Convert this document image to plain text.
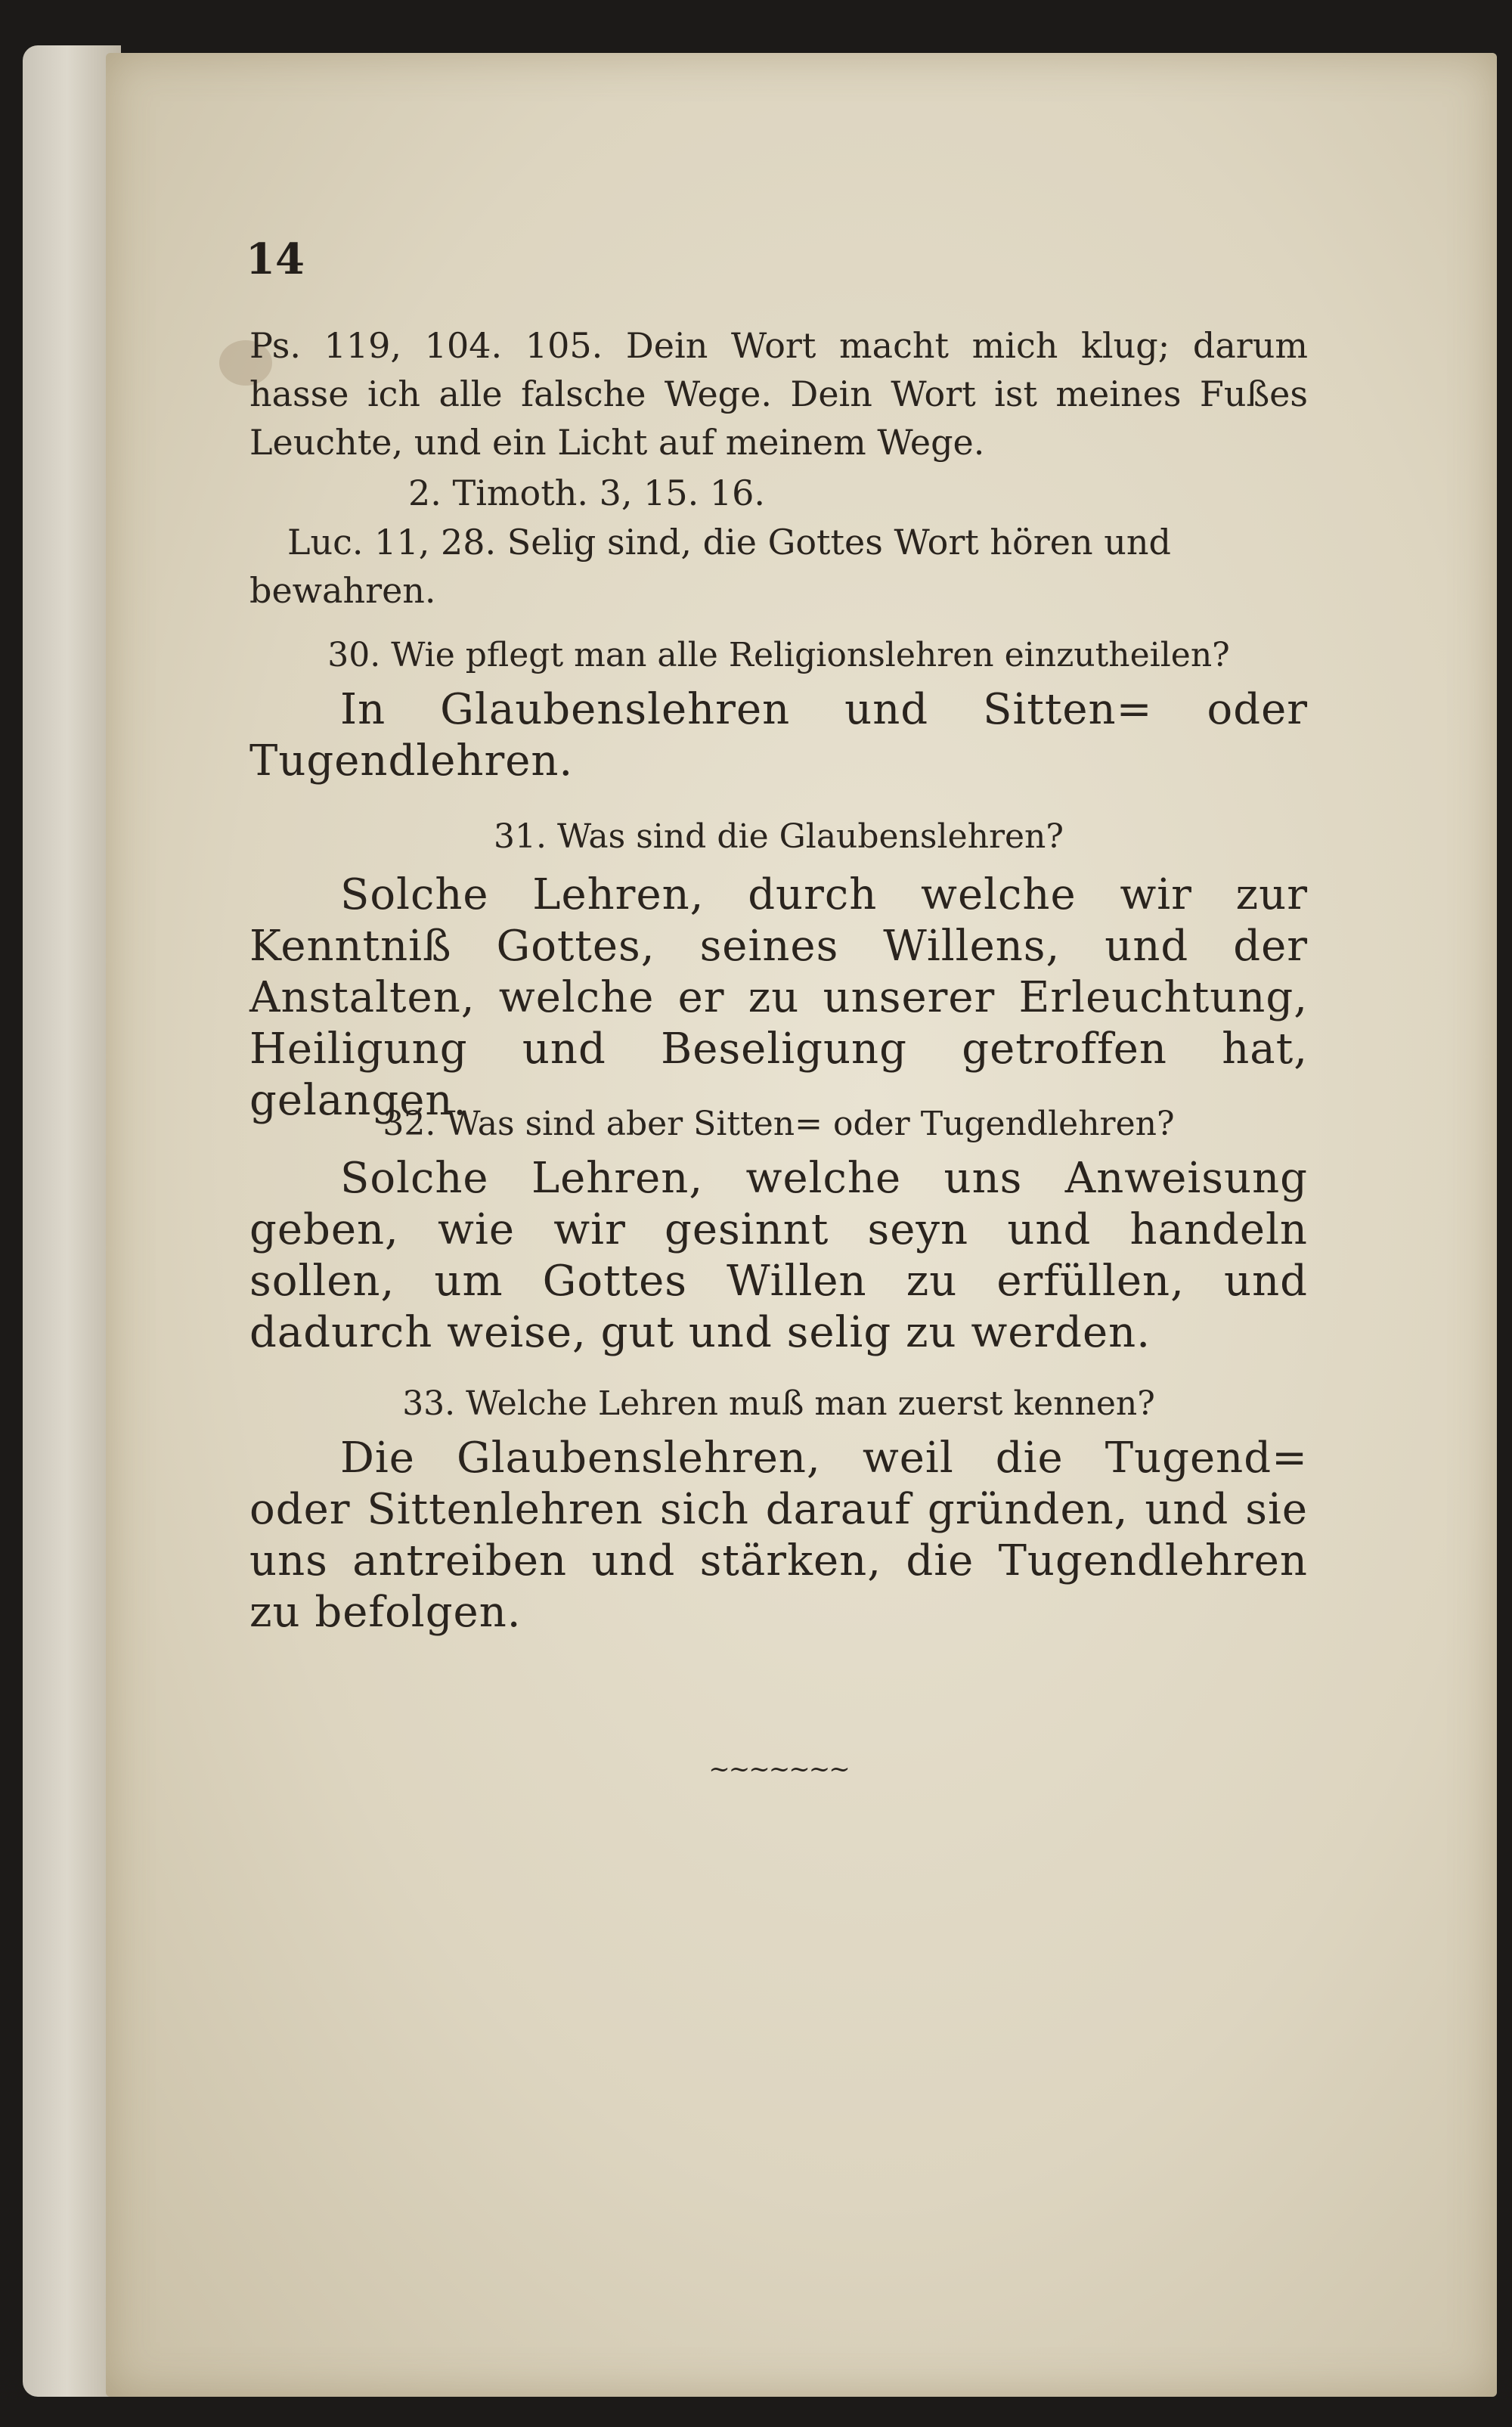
14
Ps. 119, 104. 105. Dein Wort macht mich klug; darum hasse ich alle falsche Wege. Dein Wort ist meines Fußes Leuchte, und ein Licht auf meinem Wege.
2. Timoth. 3, 15. 16.
Luc. 11, 28. Selig sind, die Gottes Wort hören und bewahren.
30. Wie pflegt man alle Religionslehren einzutheilen?
In Glaubenslehren und Sitten= oder Tugendlehren.
31. Was sind die Glaubenslehren?
Solche Lehren, durch welche wir zur Kenntniß Gottes, seines Willens, und der Anstalten, welche er zu unserer Erleuchtung, Heiligung und Beseligung getroffen hat, gelangen.
32. Was sind aber Sitten= oder Tugendlehren?
Solche Lehren, welche uns Anweisung geben, wie wir gesinnt seyn und handeln sollen, um Gottes Willen zu erfüllen, und dadurch weise, gut und selig zu werden.
33. Welche Lehren muß man zuerst kennen?
Die Glaubenslehren, weil die Tugend= oder Sittenlehren sich darauf gründen, und sie uns antreiben und stärken, die Tugendlehren zu befolgen.
~~~~~~~
